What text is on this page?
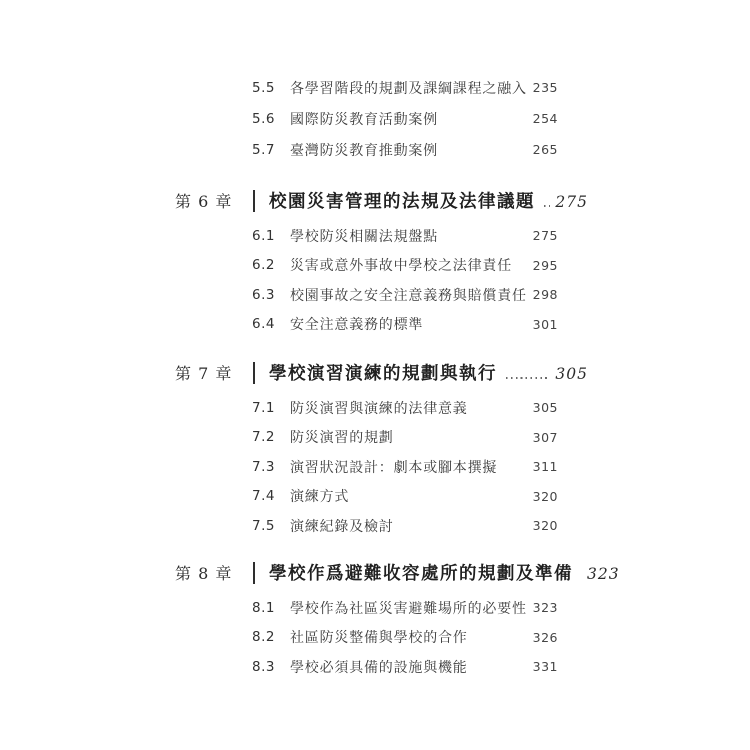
5.5	各學習階段的規劃及課綱課程之融入 235
5.6	國際防災教育活動案例	254
5.7	臺灣防災教育推動案例	265
第 6 章	校園災害管理的法規及法律議題 275
6.1	學校防災相關法規盤點	275
6.2	災害或意外事故中學校之法律責任	295
6.3	校園事故之安全注意義務與賠償責任 298
6.4	安全注意義務的標準	301
第 7 章	學校演習演練的規劃與執行	305
7.1	防災演習與演練的法律意義	305
7.2	防災演習的規劃	307
7.3	演習狀況設計：劇本或腳本撰擬	311
7.4	演練方式	320
7.5	演練紀錄及檢討	320
第 8 章	學校作爲避難收容處所的規劃及準備 323
8.1	學校作為社區災害避難場所的必要性 323
8.2	社區防災整備與學校的合作	326
8.3	學校必須具備的設施與機能	331
